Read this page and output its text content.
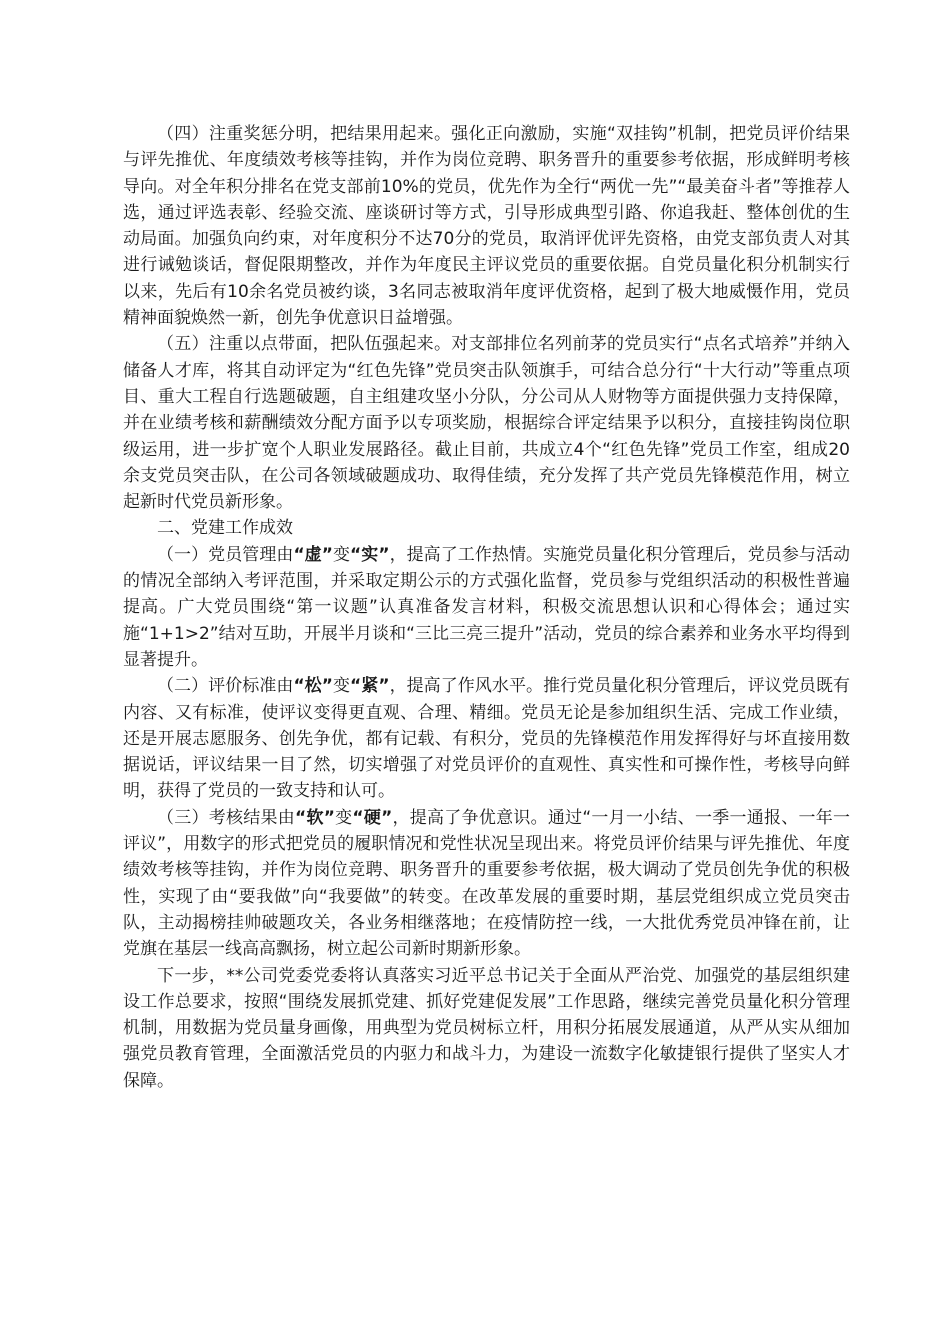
（四）注重奖惩分明，把结果用起来。强化正向激励，实施“双挂钩”机制，把党员评价结果与评先推优、年度绩效考核等挂钩，并作为岗位竞聘、职务晋升的重要参考依据，形成鲜明考核导向。对全年积分排名在党支部前10%的党员，优先作为全行“两优一先”“最美奋斗者”等推荐人选，通过评选表彰、经验交流、座谈研讨等方式，引导形成典型引路、你追我赶、整体创优的生动局面。加强负向约束，对年度积分不达70分的党员，取消评优评先资格，由党支部负责人对其进行诫勉谈话，督促限期整改，并作为年度民主评议党员的重要依据。自党员量化积分机制实行以来，先后有10余名党员被约谈，3名同志被取消年度评优资格，起到了极大地威慑作用，党员精神面貌焕然一新，创先争优意识日益增强。

（五）注重以点带面，把队伍强起来。对支部排位名列前茅的党员实行“点名式培养”并纳入储备人才库，将其自动评定为“红色先锋”党员突击队领旗手，可结合总分行“十大行动”等重点项目、重大工程自行选题破题，自主组建攻坚小分队，分公司从人财物等方面提供强力支持保障，并在业绩考核和薪酬绩效分配方面予以专项奖励，根据综合评定结果予以积分，直接挂钩岗位职级运用，进一步扩宽个人职业发展路径。截止目前，共成立4个“红色先锋”党员工作室，组成20余支党员突击队，在公司各领域破题成功、取得佳绩，充分发挥了共产党员先锋模范作用，树立起新时代党员新形象。

二、党建工作成效

（一）党员管理由“虚”变“实”，提高了工作热情。实施党员量化积分管理后，党员参与活动的情况全部纳入考评范围，并采取定期公示的方式强化监督，党员参与党组织活动的积极性普遍提高。广大党员围绕“第一议题”认真准备发言材料，积极交流思想认识和心得体会；通过实施“1+1>2”结对互助，开展半月谈和“三比三亮三提升”活动，党员的综合素养和业务水平均得到显著提升。

（二）评价标准由“松”变“紧”，提高了作风水平。推行党员量化积分管理后，评议党员既有内容、又有标准，使评议变得更直观、合理、精细。党员无论是参加组织生活、完成工作业绩，还是开展志愿服务、创先争优，都有记载、有积分，党员的先锋模范作用发挥得好与坏直接用数据说话，评议结果一目了然，切实增强了对党员评价的直观性、真实性和可操作性，考核导向鲜明，获得了党员的一致支持和认可。

（三）考核结果由“软”变“硬”，提高了争优意识。通过“一月一小结、一季一通报、一年一评议”，用数字的形式把党员的履职情况和党性状况呈现出来。将党员评价结果与评先推优、年度绩效考核等挂钩，并作为岗位竞聘、职务晋升的重要参考依据，极大调动了党员创先争优的积极性，实现了由“要我做”向“我要做”的转变。在改革发展的重要时期，基层党组织成立党员突击队，主动揭榜挂帅破题攻关，各业务相继落地；在疫情防控一线，一大批优秀党员冲锋在前，让党旗在基层一线高高飘扬，树立起公司新时期新形象。

下一步，**公司党委党委将认真落实习近平总书记关于全面从严治党、加强党的基层组织建设工作总要求，按照“围绕发展抓党建、抓好党建促发展”工作思路，继续完善党员量化积分管理机制，用数据为党员量身画像，用典型为党员树标立杆，用积分拓展发展通道，从严从实从细加强党员教育管理，全面激活党员的内驱力和战斗力，为建设一流数字化敏捷银行提供了坚实人才保障。
